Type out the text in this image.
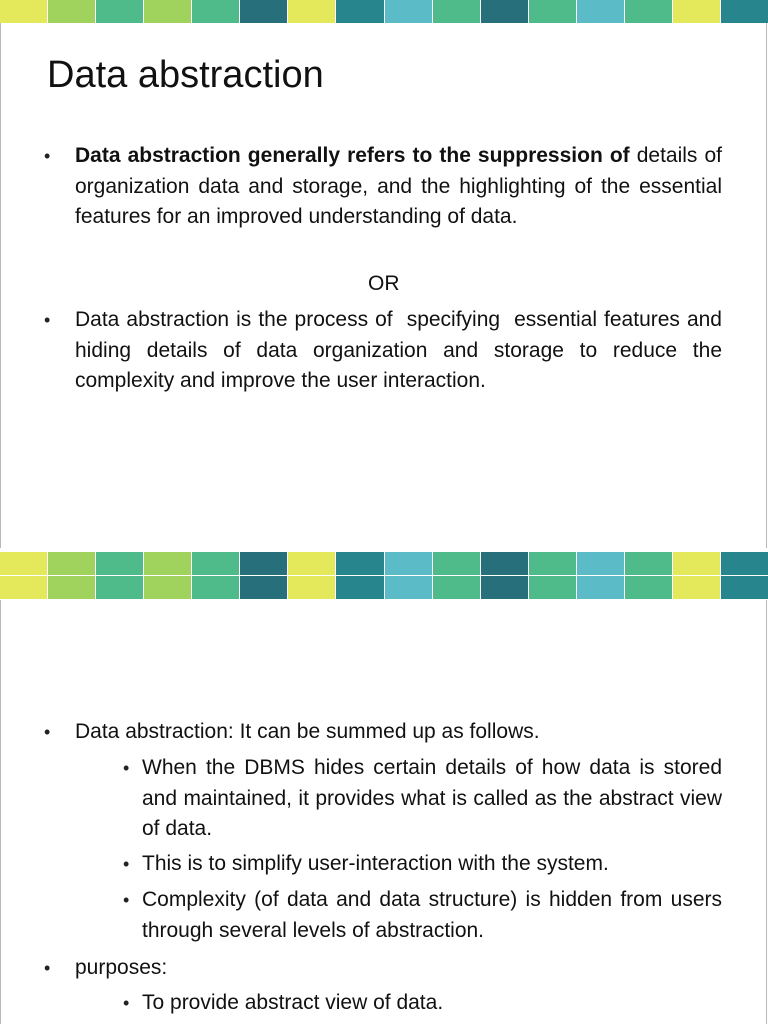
Data abstraction
• Data abstraction generally refers to the suppression of details of organization data and storage, and the highlighting of the essential features for an improved understanding of data.
OR
• Data abstraction is the process of  specifying  essential features and hiding details of data organization and storage to reduce the complexity and improve the user interaction.
• Data abstraction: It can be summed up as follows.
• When the DBMS hides certain details of how data is stored and maintained, it provides what is called as the abstract view of data.
• This is to simplify user-interaction with the system.
• Complexity (of data and data structure) is hidden from users through several levels of abstraction.
• purposes:
• To provide abstract view of data.
